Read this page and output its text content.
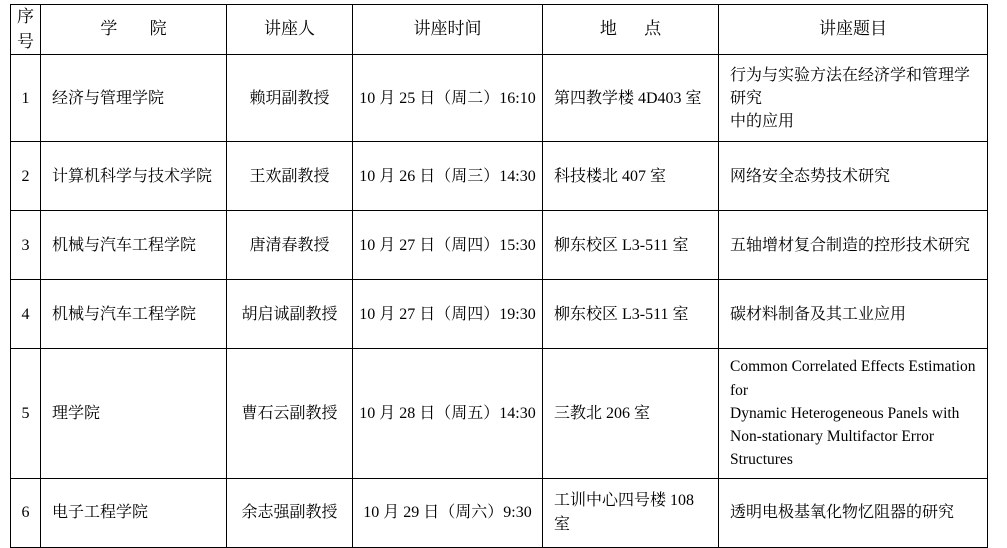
序
号	学　院	讲座人	讲座时间	地　点	讲座题目
1	经济与管理学院	赖玥副教授	10 月 25 日（周二）16:10	第四教学楼 4D403 室	行为与实验方法在经济学和管理学研究
中的应用

2	计算机科学与技术学院	王欢副教授	10 月 26 日（周三）14:30	科技楼北 407 室	网络安全态势技术研究
3	机械与汽车工程学院	唐清春教授	10 月 27 日（周四）15:30	柳东校区 L3-511 室	五轴增材复合制造的控形技术研究
4	机械与汽车工程学院	胡启诚副教授	10 月 27 日（周四）19:30	柳东校区 L3-511 室	碳材料制备及其工业应用
5	理学院	曹石云副教授	10 月 28 日（周五）14:30	三教北 206 室	Common Correlated Effects Estimation for
Dynamic Heterogeneous Panels with
Non-stationary Multifactor Error Structures

6	电子工程学院	余志强副教授	10 月 29 日（周六）9:30	工训中心四号楼 108 室	透明电极基氧化物忆阻器的研究
